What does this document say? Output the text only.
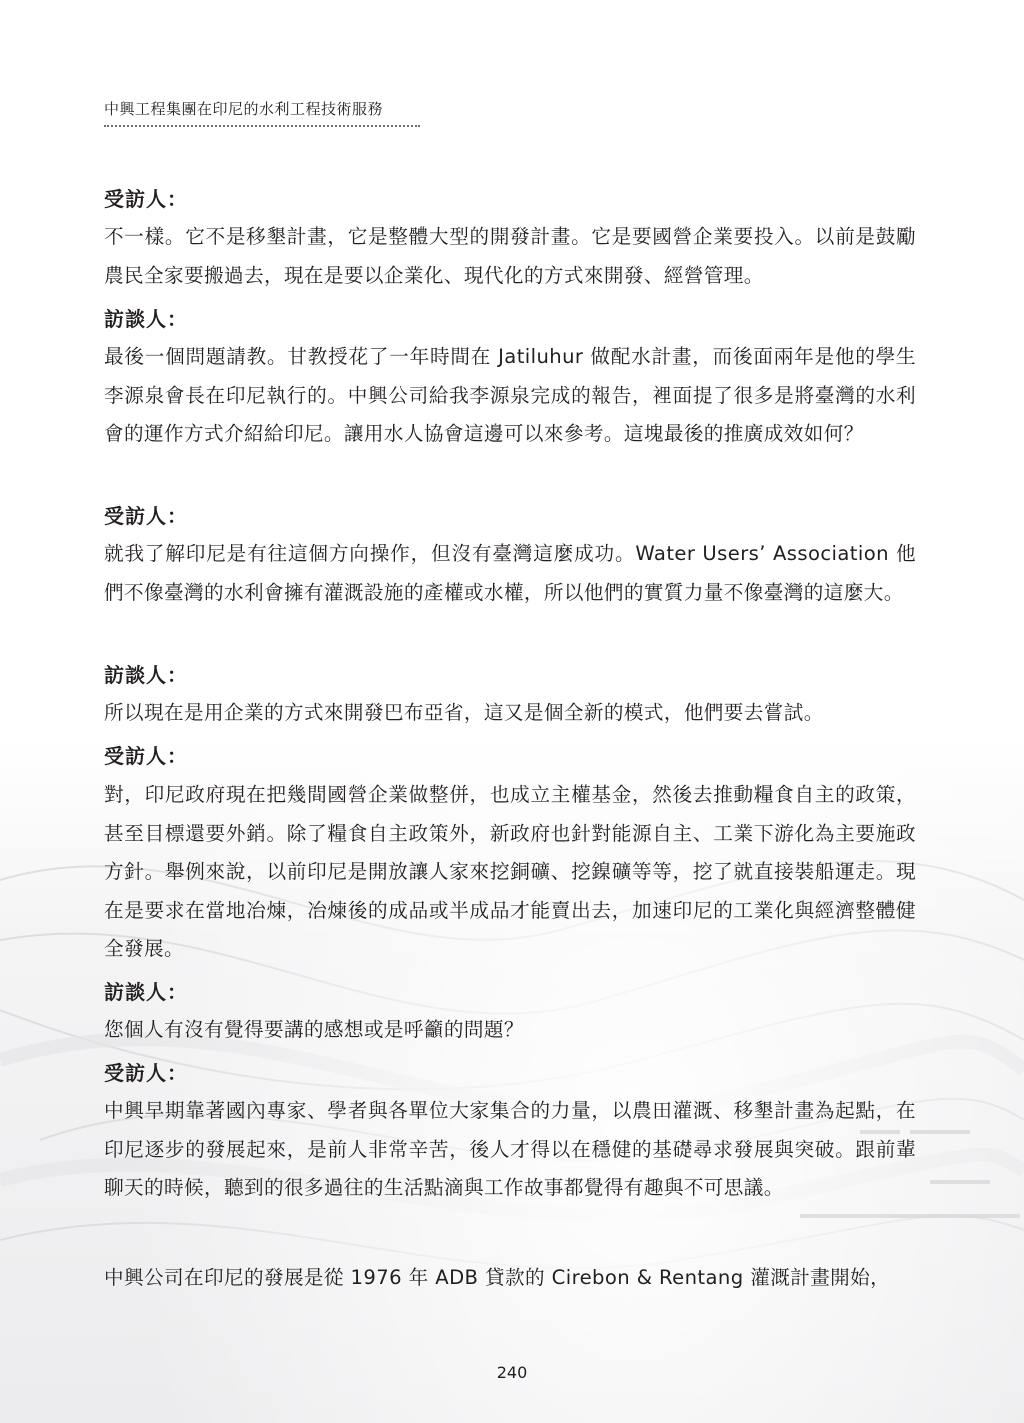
中興工程集團在印尼的水利工程技術服務
受訪人：
不一樣。它不是移墾計畫，它是整體大型的開發計畫。它是要國營企業要投入。以前是鼓勵農民全家要搬過去，現在是要以企業化、現代化的方式來開發、經營管理。
訪談人：
最後一個問題請教。甘教授花了一年時間在 Jatiluhur 做配水計畫，而後面兩年是他的學生李源泉會長在印尼執行的。中興公司給我李源泉完成的報告，裡面提了很多是將臺灣的水利會的運作方式介紹給印尼。讓用水人協會這邊可以來參考。這塊最後的推廣成效如何？
受訪人：
就我了解印尼是有往這個方向操作，但沒有臺灣這麼成功。Water Users’ Association 他們不像臺灣的水利會擁有灌溉設施的產權或水權，所以他們的實質力量不像臺灣的這麼大。
訪談人：
所以現在是用企業的方式來開發巴布亞省，這又是個全新的模式，他們要去嘗試。
受訪人：
對，印尼政府現在把幾間國營企業做整併，也成立主權基金，然後去推動糧食自主的政策，甚至目標還要外銷。除了糧食自主政策外，新政府也針對能源自主、工業下游化為主要施政方針。舉例來說，以前印尼是開放讓人家來挖銅礦、挖鎳礦等等，挖了就直接裝船運走。現在是要求在當地冶煉，冶煉後的成品或半成品才能賣出去，加速印尼的工業化與經濟整體健全發展。
訪談人：
您個人有沒有覺得要講的感想或是呼籲的問題？
受訪人：
中興早期靠著國內專家、學者與各單位大家集合的力量，以農田灌溉、移墾計畫為起點，在印尼逐步的發展起來，是前人非常辛苦，後人才得以在穩健的基礎尋求發展與突破。跟前輩聊天的時候，聽到的很多過往的生活點滴與工作故事都覺得有趣與不可思議。
中興公司在印尼的發展是從 1976 年 ADB 貸款的 Cirebon & Rentang 灌溉計畫開始，
240
